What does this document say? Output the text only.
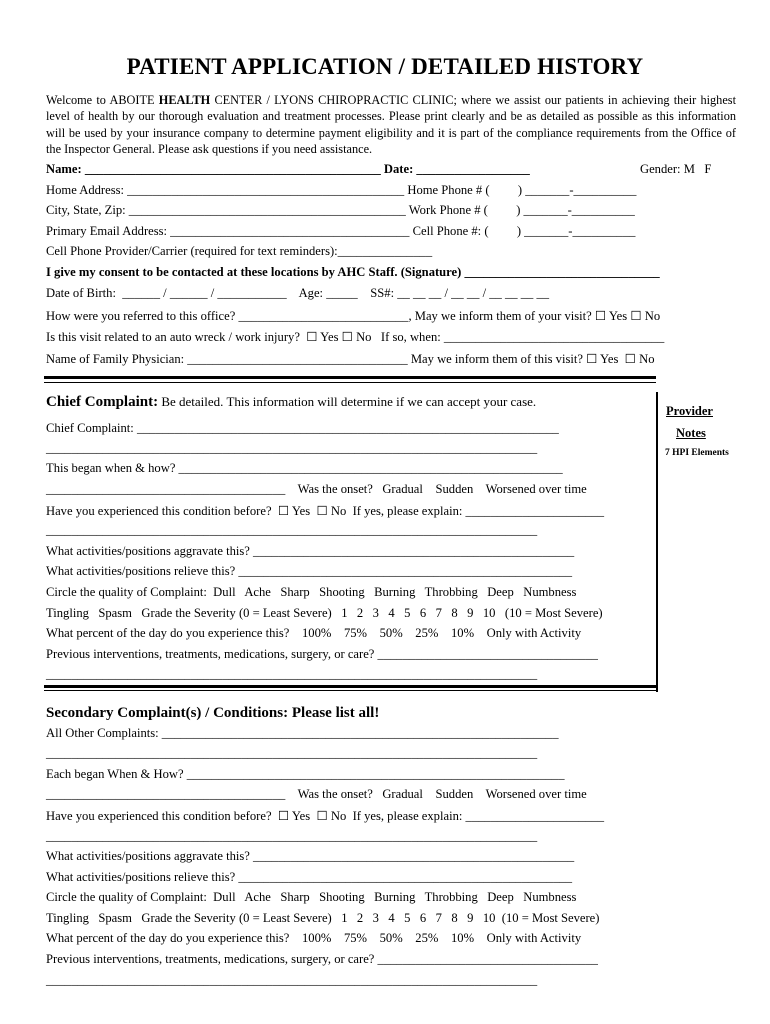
PATIENT APPLICATION / DETAILED HISTORY
Welcome to ABOITE HEALTH CENTER / LYONS CHIROPRACTIC CLINIC; where we assist our patients in achieving their highest level of health by our thorough evaluation and treatment processes. Please print clearly and be as detailed as possible as this information will be used by your insurance company to determine payment eligibility and it is part of the compliance requirements from the Office of the Inspector General. Please ask questions if you need assistance.
Name: _______________________________________________ Date: __________________	Gender: M   F
Home Address: ____________________________________________ Home Phone # (         ) _______-__________
City, State, Zip: ____________________________________________ Work Phone # (         ) _______-__________
Primary Email Address: ______________________________________ Cell Phone #: (         ) _______-__________
Cell Phone Provider/Carrier (required for text reminders):_______________
I give my consent to be contacted at these locations by AHC Staff. (Signature) _______________________________
Date of Birth:  ______ / ______ / ___________    Age: _____    SS#: __ __ __ / __ __ / __ __ __ __
How were you referred to this office? ___________________________, May we inform them of your visit? ☐ Yes ☐ No
Is this visit related to an auto wreck / work injury?  ☐ Yes ☐ No   If so, when: ___________________________________
Name of Family Physician: ___________________________________ May we inform them of this visit? ☐ Yes  ☐ No
Chief Complaint: Be detailed. This information will determine if we can accept your case.
Provider
Notes
7 HPI Elements
Chief Complaint: ___________________________________________________________________
______________________________________________________________________________
This began when & how? _____________________________________________________________
______________________________________    Was the onset?   Gradual    Sudden    Worsened over time
Have you experienced this condition before?  ☐ Yes  ☐ No  If yes, please explain: ______________________
______________________________________________________________________________
What activities/positions aggravate this? ___________________________________________________
What activities/positions relieve this? _____________________________________________________
Circle the quality of Complaint:  Dull   Ache   Sharp   Shooting   Burning   Throbbing   Deep   Numbness
Tingling   Spasm   Grade the Severity (0 = Least Severe)   1   2   3   4   5   6   7   8   9   10   (10 = Most Severe)
What percent of the day do you experience this?    100%    75%    50%    25%    10%    Only with Activity
Previous interventions, treatments, medications, surgery, or care? ___________________________________
______________________________________________________________________________
Secondary Complaint(s) / Conditions: Please list all!
All Other Complaints: _______________________________________________________________
______________________________________________________________________________
Each began When & How? ____________________________________________________________
______________________________________    Was the onset?   Gradual    Sudden    Worsened over time
Have you experienced this condition before?  ☐ Yes  ☐ No  If yes, please explain: ______________________
______________________________________________________________________________
What activities/positions aggravate this? ___________________________________________________
What activities/positions relieve this? _____________________________________________________
Circle the quality of Complaint:  Dull   Ache   Sharp   Shooting   Burning   Throbbing   Deep   Numbness
Tingling   Spasm   Grade the Severity (0 = Least Severe)   1   2   3   4   5   6   7   8   9   10  (10 = Most Severe)
What percent of the day do you experience this?    100%    75%    50%    25%    10%    Only with Activity
Previous interventions, treatments, medications, surgery, or care? ___________________________________
______________________________________________________________________________
